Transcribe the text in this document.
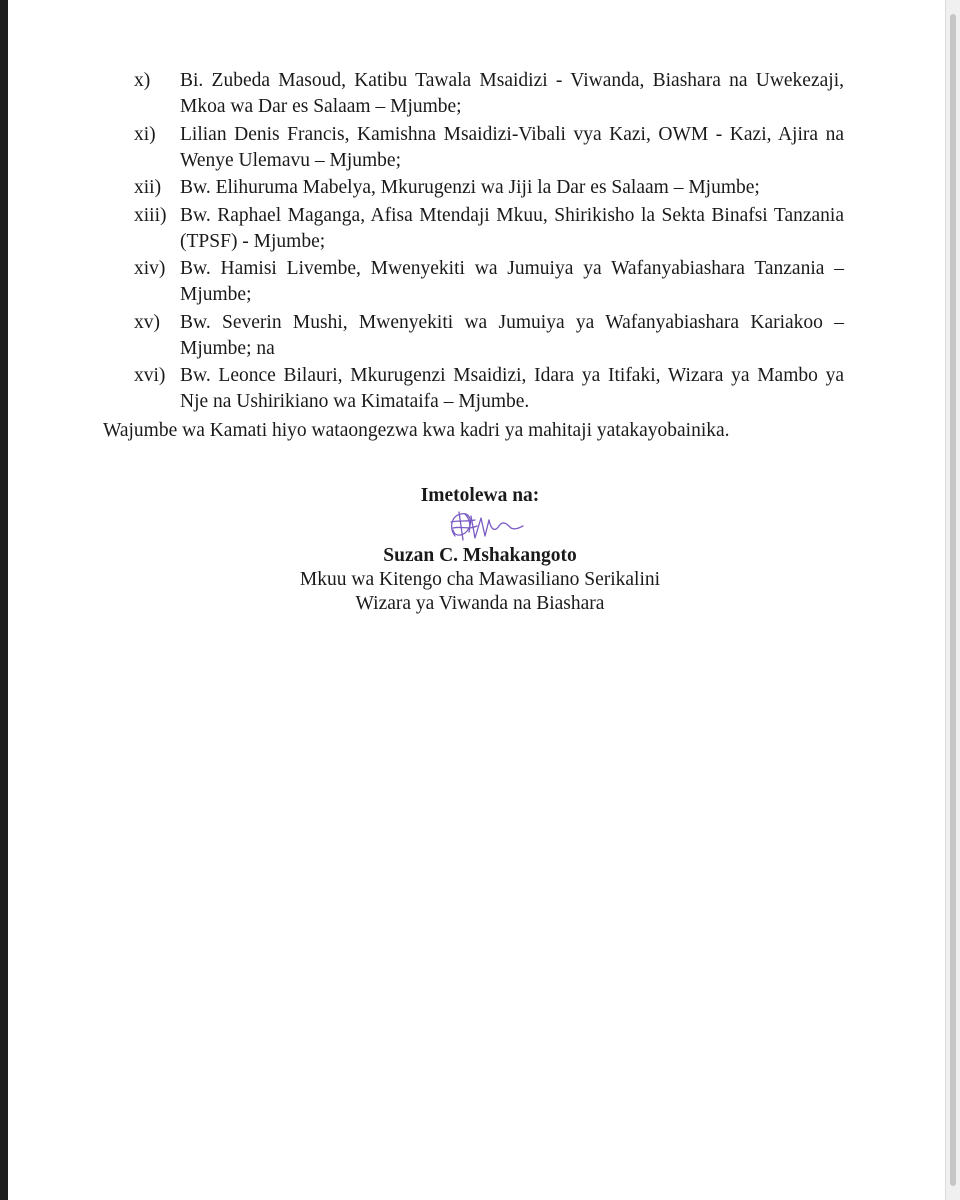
x)	Bi. Zubeda Masoud, Katibu Tawala Msaidizi - Viwanda, Biashara na Uwekezaji, Mkoa wa Dar es Salaam – Mjumbe;
xi)	Lilian Denis Francis, Kamishna Msaidizi-Vibali vya Kazi, OWM - Kazi, Ajira na Wenye Ulemavu – Mjumbe;
xii) Bw. Elihuruma Mabelya, Mkurugenzi wa Jiji la Dar es Salaam – Mjumbe;
xiii) Bw. Raphael Maganga, Afisa Mtendaji Mkuu, Shirikisho la Sekta Binafsi Tanzania (TPSF) - Mjumbe;
xiv) Bw. Hamisi Livembe, Mwenyekiti wa Jumuiya ya Wafanyabiashara Tanzania – Mjumbe;
xv)	Bw. Severin Mushi, Mwenyekiti wa Jumuiya ya Wafanyabiashara Kariakoo – Mjumbe; na
xvi) Bw. Leonce Bilauri, Mkurugenzi Msaidizi, Idara ya Itifaki, Wizara ya Mambo ya Nje na Ushirikiano wa Kimataifa – Mjumbe.

Wajumbe wa Kamati hiyo wataongezwa kwa kadri ya mahitaji yatakayobainika.

Imetolewa na:
Suzan C. Mshakangoto
Mkuu wa Kitengo cha Mawasiliano Serikalini
Wizara ya Viwanda na Biashara
